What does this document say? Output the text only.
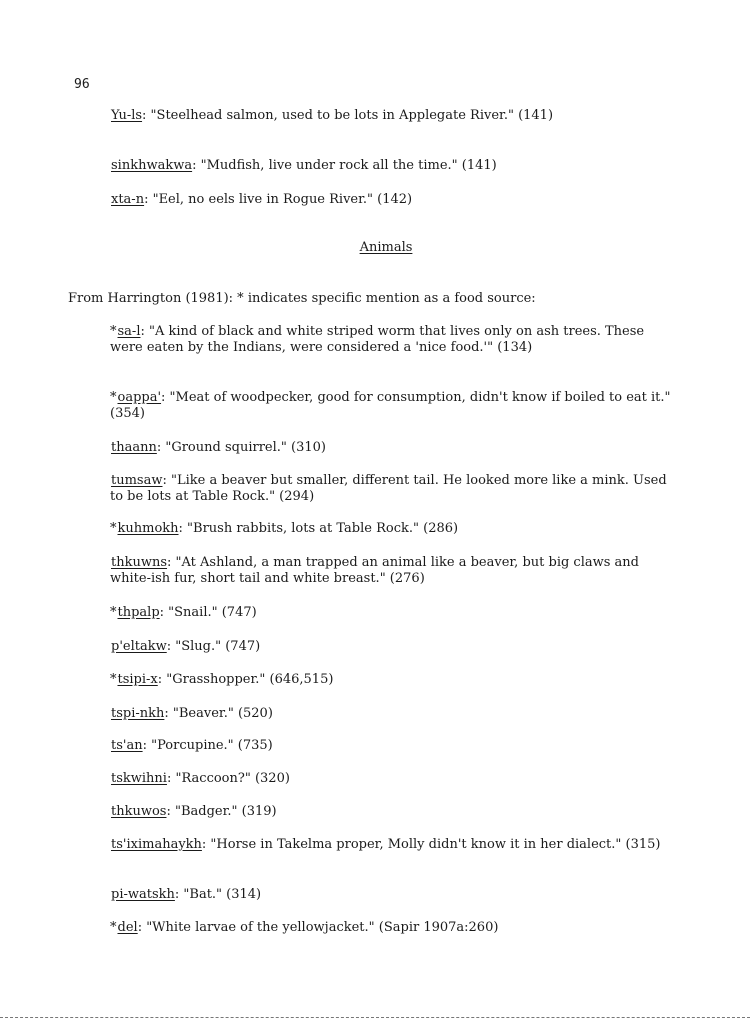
96
Yu-ls: "Steelhead salmon, used to be lots in Applegate River." (141)
sinkhwakwa: "Mudfish, live under rock all the time." (141)
xta-n: "Eel, no eels live in Rogue River." (142)
Animals
From Harrington (1981): * indicates specific mention as a food source:
*sa-l: "A kind of black and white striped worm that lives only on ash trees. These were eaten by the Indians, were considered a 'nice food.'" (134)
*oappa': "Meat of woodpecker, good for consumption, didn't know if boiled to eat it." (354)
thaann: "Ground squirrel." (310)
tumsaw: "Like a beaver but smaller, different tail. He looked more like a mink. Used to be lots at Table Rock." (294)
*kuhmokh: "Brush rabbits, lots at Table Rock." (286)
thkuwns: "At Ashland, a man trapped an animal like a beaver, but big claws and white-ish fur, short tail and white breast." (276)
*thpalp: "Snail." (747)
p'eltakw: "Slug." (747)
*tsipi-x: "Grasshopper." (646,515)
tspi-nkh: "Beaver." (520)
ts'an: "Porcupine." (735)
tskwihni: "Raccoon?" (320)
thkuwos: "Badger." (319)
ts'iximahaykh: "Horse in Takelma proper, Molly didn't know it in her dialect." (315)
pi-watskh: "Bat." (314)
*del: "White larvae of the yellowjacket." (Sapir 1907a:260)
